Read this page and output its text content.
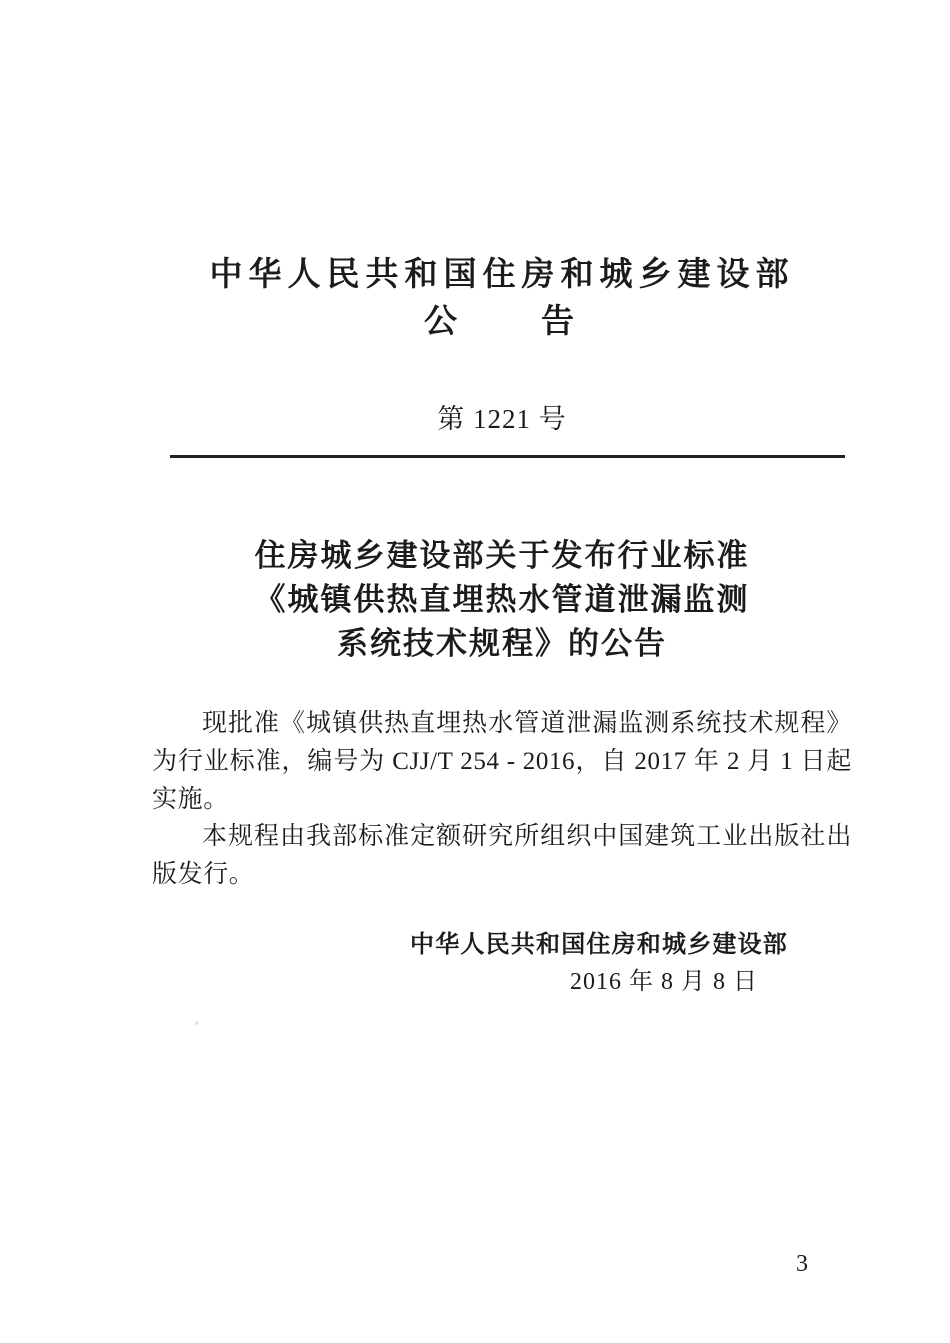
中华人民共和国住房和城乡建设部
公　　告
第 1221 号
住房城乡建设部关于发布行业标准
《城镇供热直埋热水管道泄漏监测
系统技术规程》的公告

现批准《城镇供热直埋热水管道泄漏监测系统技术规程》为行业标准，编号为 CJJ/T 254 - 2016，自 2017 年 2 月 1 日起实施。

本规程由我部标准定额研究所组织中国建筑工业出版社出版发行。

中华人民共和国住房和城乡建设部
2016 年 8 月 8 日
3
